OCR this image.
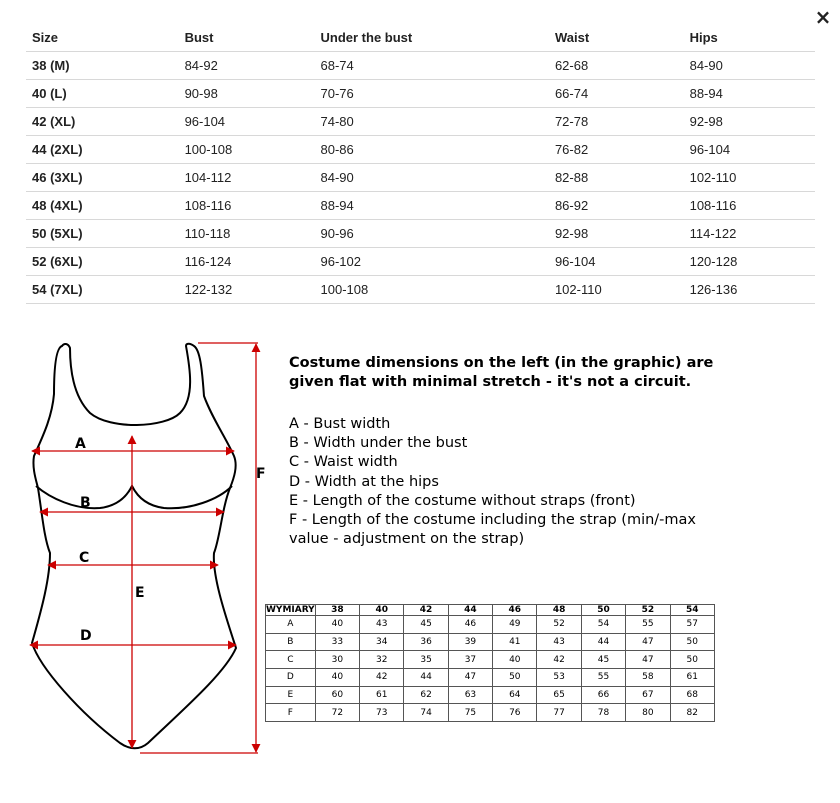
×
Size	Bust	Under the bust	Waist	Hips
38 (M)	84-92	68-74	62-68	84-90
40 (L)	90-98	70-76	66-74	88-94
42 (XL)	96-104	74-80	72-78	92-98
44 (2XL)	100-108	80-86	76-82	96-104
46 (3XL)	104-112	84-90	82-88	102-110
48 (4XL)	108-116	88-94	86-92	108-116
50 (5XL)	110-118	90-96	92-98	114-122
52 (6XL)	116-124	96-102	96-104	120-128
54 (7XL)	122-132	100-108	102-110	126-136
A
B
C
D
E
F

Costume dimensions on the left (in the graphic) are given flat with minimal stretch - it's not a circuit.

A - Bust width
B - Width under the bust
C - Waist width
D - Width at the hips
E - Length of the costume without straps (front)
F - Length of the costume including the strap (min/-max value - adjustment on the strap)
WYMIARY	38	40	42	44	46	48	50	52	54
A	40	43	45	46	49	52	54	55	57
B	33	34	36	39	41	43	44	47	50
C	30	32	35	37	40	42	45	47	50
D	40	42	44	47	50	53	55	58	61
E	60	61	62	63	64	65	66	67	68
F	72	73	74	75	76	77	78	80	82
